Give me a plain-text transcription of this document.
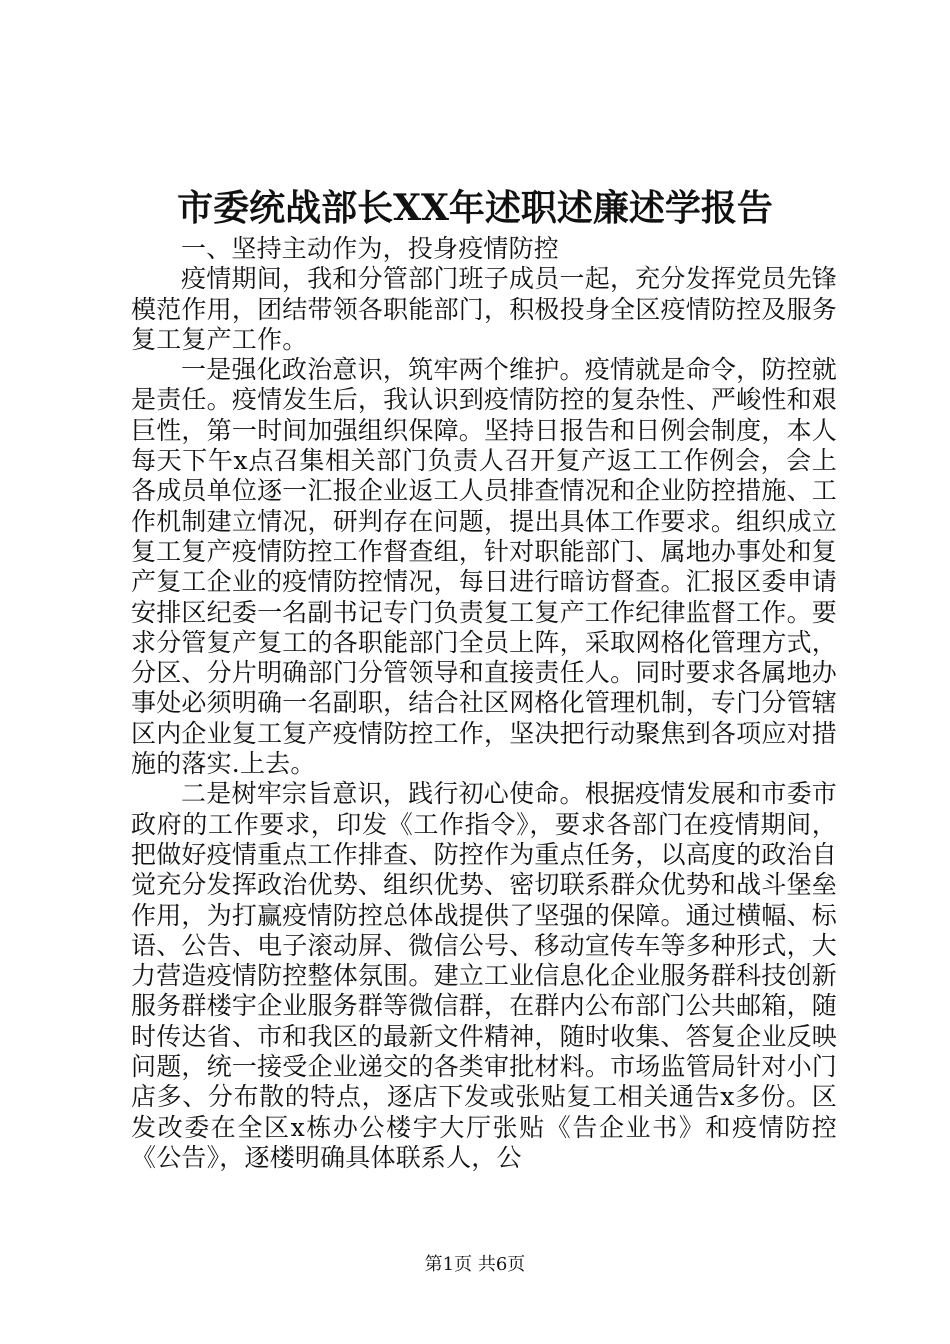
市委统战部长XX年述职述廉述学报告

一、坚持主动作为，投身疫情防控

疫情期间，我和分管部门班子成员一起，充分发挥党员先锋模范作用，团结带领各职能部门，积极投身全区疫情防控及服务复工复产工作。

一是强化政治意识，筑牢两个维护。疫情就是命令，防控就是责任。疫情发生后，我认识到疫情防控的复杂性、严峻性和艰巨性，第一时间加强组织保障。坚持日报告和日例会制度，本人每天下午x点召集相关部门负责人召开复产返工工作例会，会上各成员单位逐一汇报企业返工人员排查情况和企业防控措施、工作机制建立情况，研判存在问题，提出具体工作要求。组织成立复工复产疫情防控工作督查组，针对职能部门、属地办事处和复产复工企业的疫情防控情况，每日进行暗访督查。汇报区委申请安排区纪委一名副书记专门负责复工复产工作纪律监督工作。要求分管复产复工的各职能部门全员上阵，采取网格化管理方式，分区、分片明确部门分管领导和直接责任人。同时要求各属地办事处必须明确一名副职，结合社区网格化管理机制，专门分管辖区内企业复工复产疫情防控工作，坚决把行动聚焦到各项应对措施的落实.上去。

二是树牢宗旨意识，践行初心使命。根据疫情发展和市委市政府的工作要求，印发《工作指令》，要求各部门在疫情期间，把做好疫情重点工作排查、防控作为重点任务，以高度的政治自觉充分发挥政治优势、组织优势、密切联系群众优势和战斗堡垒作用，为打赢疫情防控总体战提供了坚强的保障。通过横幅、标语、公告、电子滚动屏、微信公号、移动宣传车等多种形式，大力营造疫情防控整体氛围。建立工业信息化企业服务群科技创新服务群楼宇企业服务群等微信群，在群内公布部门公共邮箱，随时传达省、市和我区的最新文件精神，随时收集、答复企业反映问题，统一接受企业递交的各类审批材料。市场监管局针对小门店多、分布散的特点，逐店下发或张贴复工相关通告x多份。区发改委在全区x栋办公楼宇大厅张贴《告企业书》和疫情防控《公告》，逐楼明确具体联系人，公

第1页 共6页
